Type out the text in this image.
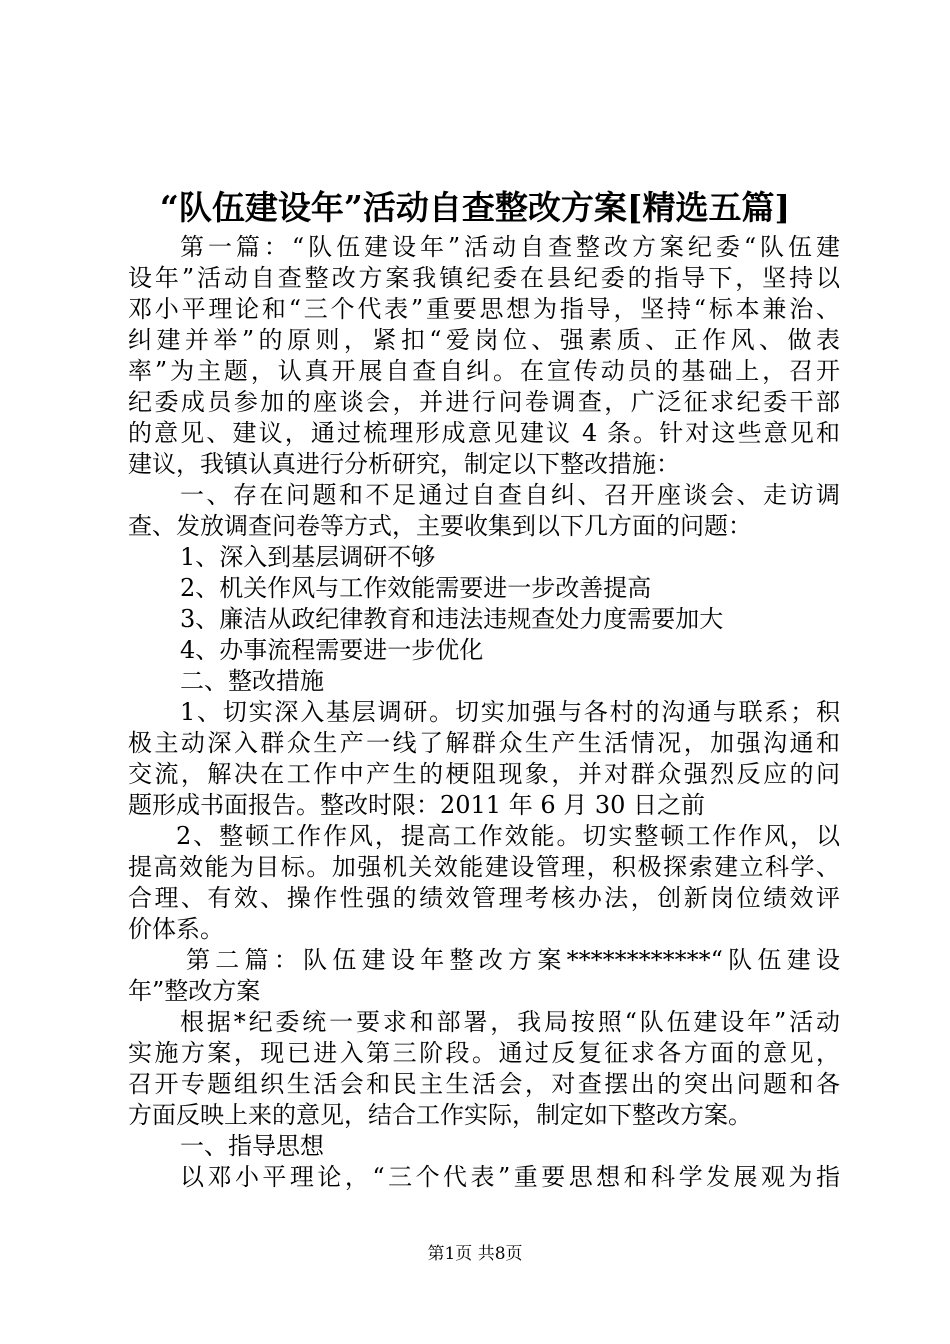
“队伍建设年”活动自查整改方案[精选五篇]
第一篇：“队伍建设年”活动自查整改方案纪委“队伍建
设年”活动自查整改方案我镇纪委在县纪委的指导下，坚持以
邓小平理论和“三个代表”重要思想为指导，坚持“标本兼治、
纠建并举”的原则，紧扣“爱岗位、强素质、正作风、做表
率”为主题，认真开展自查自纠。在宣传动员的基础上，召开
纪委成员参加的座谈会，并进行问卷调查，广泛征求纪委干部
的意见、建议，通过梳理形成意见建议 4 条。针对这些意见和
建议，我镇认真进行分析研究，制定以下整改措施：
一、存在问题和不足通过自查自纠、召开座谈会、走访调
查、发放调查问卷等方式，主要收集到以下几方面的问题：
1、深入到基层调研不够
2、机关作风与工作效能需要进一步改善提高
3、廉洁从政纪律教育和违法违规查处力度需要加大
4、办事流程需要进一步优化
二、整改措施
1、切实深入基层调研。切实加强与各村的沟通与联系；积
极主动深入群众生产一线了解群众生产生活情况，加强沟通和
交流，解决在工作中产生的梗阻现象，并对群众强烈反应的问
题形成书面报告。整改时限：2011 年 6 月 30 日之前
2、整顿工作作风，提高工作效能。切实整顿工作作风，以
提高效能为目标。加强机关效能建设管理，积极探索建立科学、
合理、有效、操作性强的绩效管理考核办法，创新岗位绩效评
价体系。
第二篇：队伍建设年整改方案************“队伍建设
年”整改方案
根据*纪委统一要求和部署，我局按照“队伍建设年”活动
实施方案，现已进入第三阶段。通过反复征求各方面的意见，
召开专题组织生活会和民主生活会，对查摆出的突出问题和各
方面反映上来的意见，结合工作实际，制定如下整改方案。
一、指导思想
以邓小平理论，“三个代表”重要思想和科学发展观为指
第1页 共8页
